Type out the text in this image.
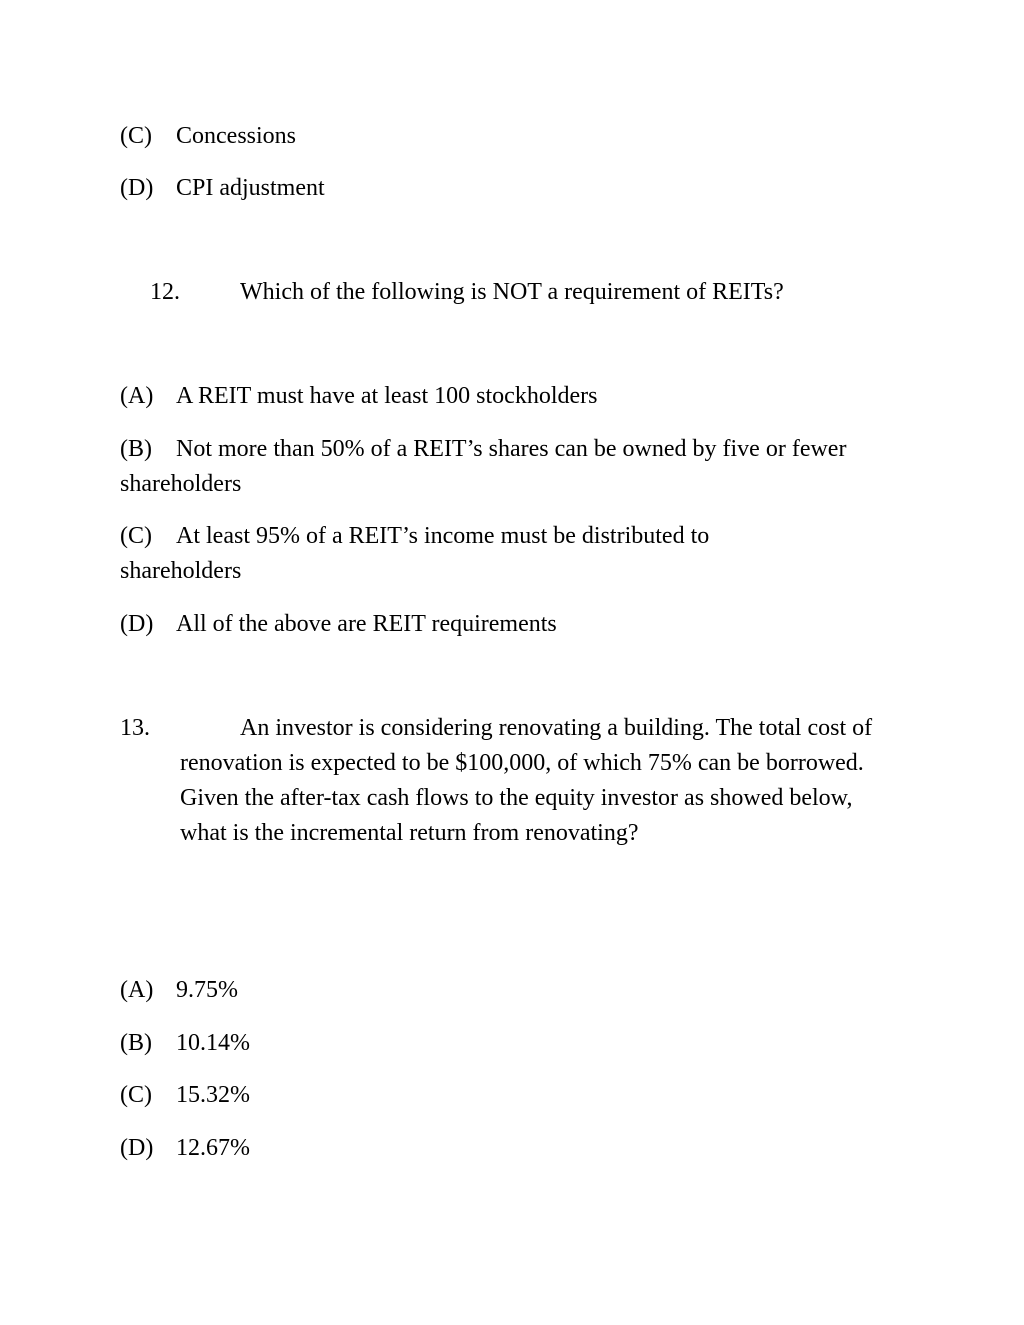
(C) Concessions

(D) CPI adjustment

12.	Which of the following is NOT a requirement of REITs?

(A) A REIT must have at least 100 stockholders

(B) Not more than 50% of a REIT’s shares can be owned by five or fewer shareholders

(C) At least 95% of a REIT’s income must be distributed to shareholders

(D) All of the above are REIT requirements

13.	An investor is considering renovating a building. The total cost of renovation is expected to be $100,000, of which 75% can be borrowed. Given the after-tax cash flows to the equity investor as showed below, what is the incremental return from renovating?

(A) 9.75%

(B) 10.14%

(C) 15.32%

(D) 12.67%
